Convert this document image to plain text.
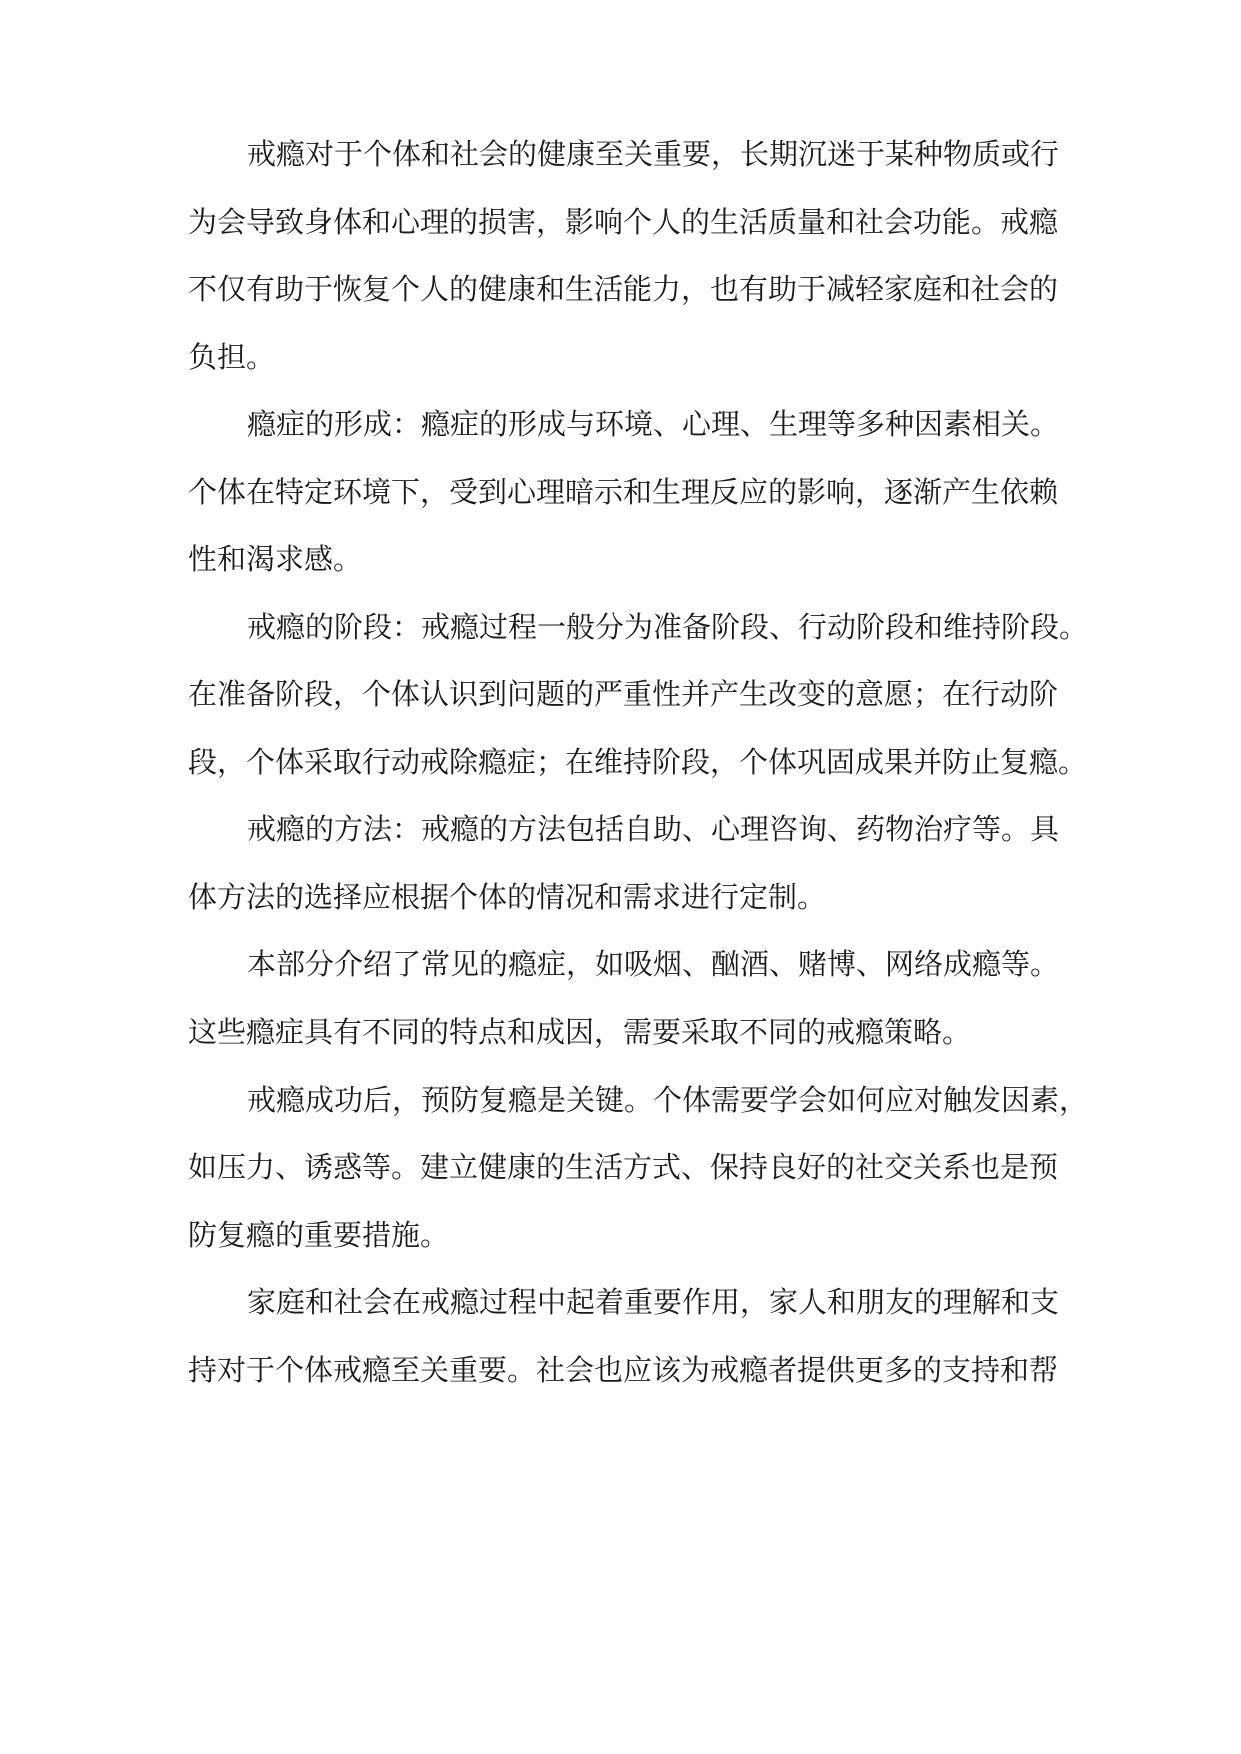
戒瘾对于个体和社会的健康至关重要，长期沉迷于某种物质或行
为会导致身体和心理的损害，影响个人的生活质量和社会功能。戒瘾
不仅有助于恢复个人的健康和生活能力，也有助于减轻家庭和社会的
负担。
瘾症的形成：瘾症的形成与环境、心理、生理等多种因素相关。
个体在特定环境下，受到心理暗示和生理反应的影响，逐渐产生依赖
性和渴求感。
戒瘾的阶段：戒瘾过程一般分为准备阶段、行动阶段和维持阶段。
在准备阶段，个体认识到问题的严重性并产生改变的意愿；在行动阶
段，个体采取行动戒除瘾症；在维持阶段，个体巩固成果并防止复瘾。
戒瘾的方法：戒瘾的方法包括自助、心理咨询、药物治疗等。具
体方法的选择应根据个体的情况和需求进行定制。
本部分介绍了常见的瘾症，如吸烟、酗酒、赌博、网络成瘾等。
这些瘾症具有不同的特点和成因，需要采取不同的戒瘾策略。
戒瘾成功后，预防复瘾是关键。个体需要学会如何应对触发因素，
如压力、诱惑等。建立健康的生活方式、保持良好的社交关系也是预
防复瘾的重要措施。
家庭和社会在戒瘾过程中起着重要作用，家人和朋友的理解和支
持对于个体戒瘾至关重要。社会也应该为戒瘾者提供更多的支持和帮
